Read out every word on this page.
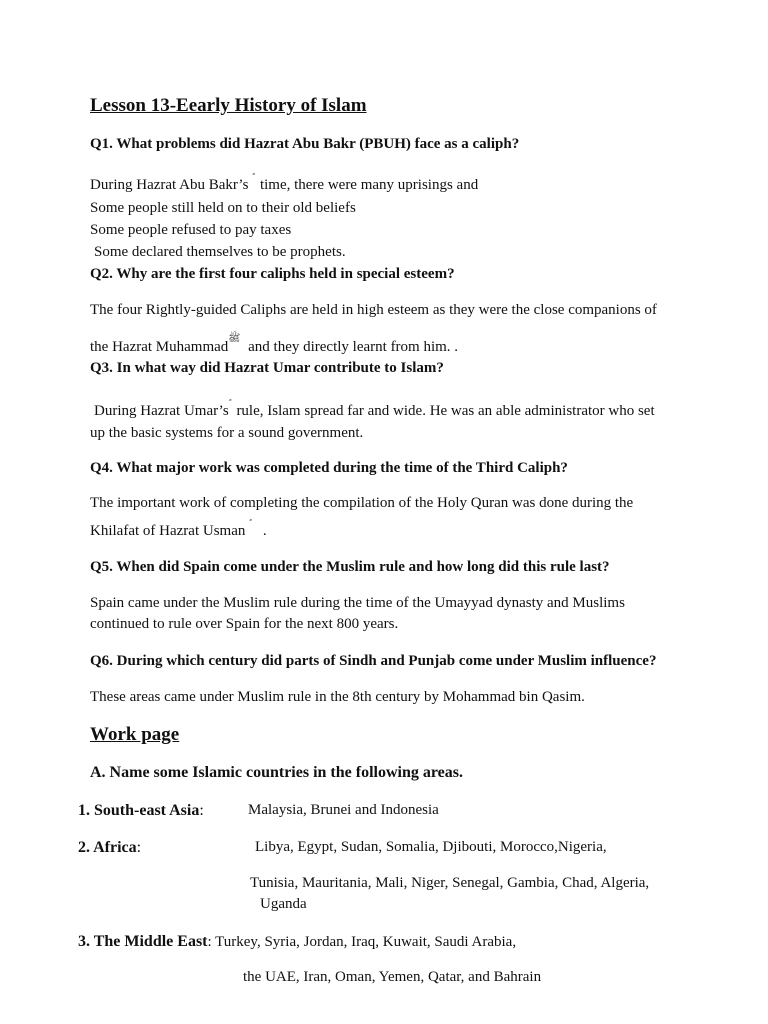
Lesson 13-Eearly History of Islam
Q1. What problems did Hazrat Abu Bakr (PBUH) face as a caliph?
During Hazrat Abu Bakr’s time, there were many uprisings and
Some people still held on to their old beliefs
Some people refused to pay taxes
Some declared themselves to be prophets.
Q2. Why are the first four caliphs held in special esteem?
The four Rightly-guided Caliphs are held in high esteem as they were the close companions of
the Hazrat Muhammadﷺ and they directly learnt from him. .
Q3. In what way did Hazrat Umar contribute to Islam?
During Hazrat Umar’s rule, Islam spread far and wide. He was an able administrator who set
up the basic systems for a sound government.
Q4. What major work was completed during the time of the Third Caliph?
The important work of completing the compilation of the Holy Quran was done during the
Khilafat of Hazrat Usman .
Q5. When did Spain come under the Muslim rule and how long did this rule last?
Spain came under the Muslim rule during the time of the Umayyad dynasty and Muslims
continued to rule over Spain for the next 800 years.
Q6. During which century did parts of Sindh and Punjab come under Muslim influence?
These areas came under Muslim rule in the 8th century by Mohammad bin Qasim.
Work page
A. Name some Islamic countries in the following areas.
1. South-east Asia:	Malaysia, Brunei and Indonesia
2. Africa:	Libya, Egypt, Sudan, Somalia, Djibouti, Morocco,Nigeria,
Tunisia, Mauritania, Mali, Niger, Senegal, Gambia, Chad, Algeria,
Uganda
3. The Middle East: Turkey, Syria, Jordan, Iraq, Kuwait, Saudi Arabia,
the UAE, Iran, Oman, Yemen, Qatar, and Bahrain
